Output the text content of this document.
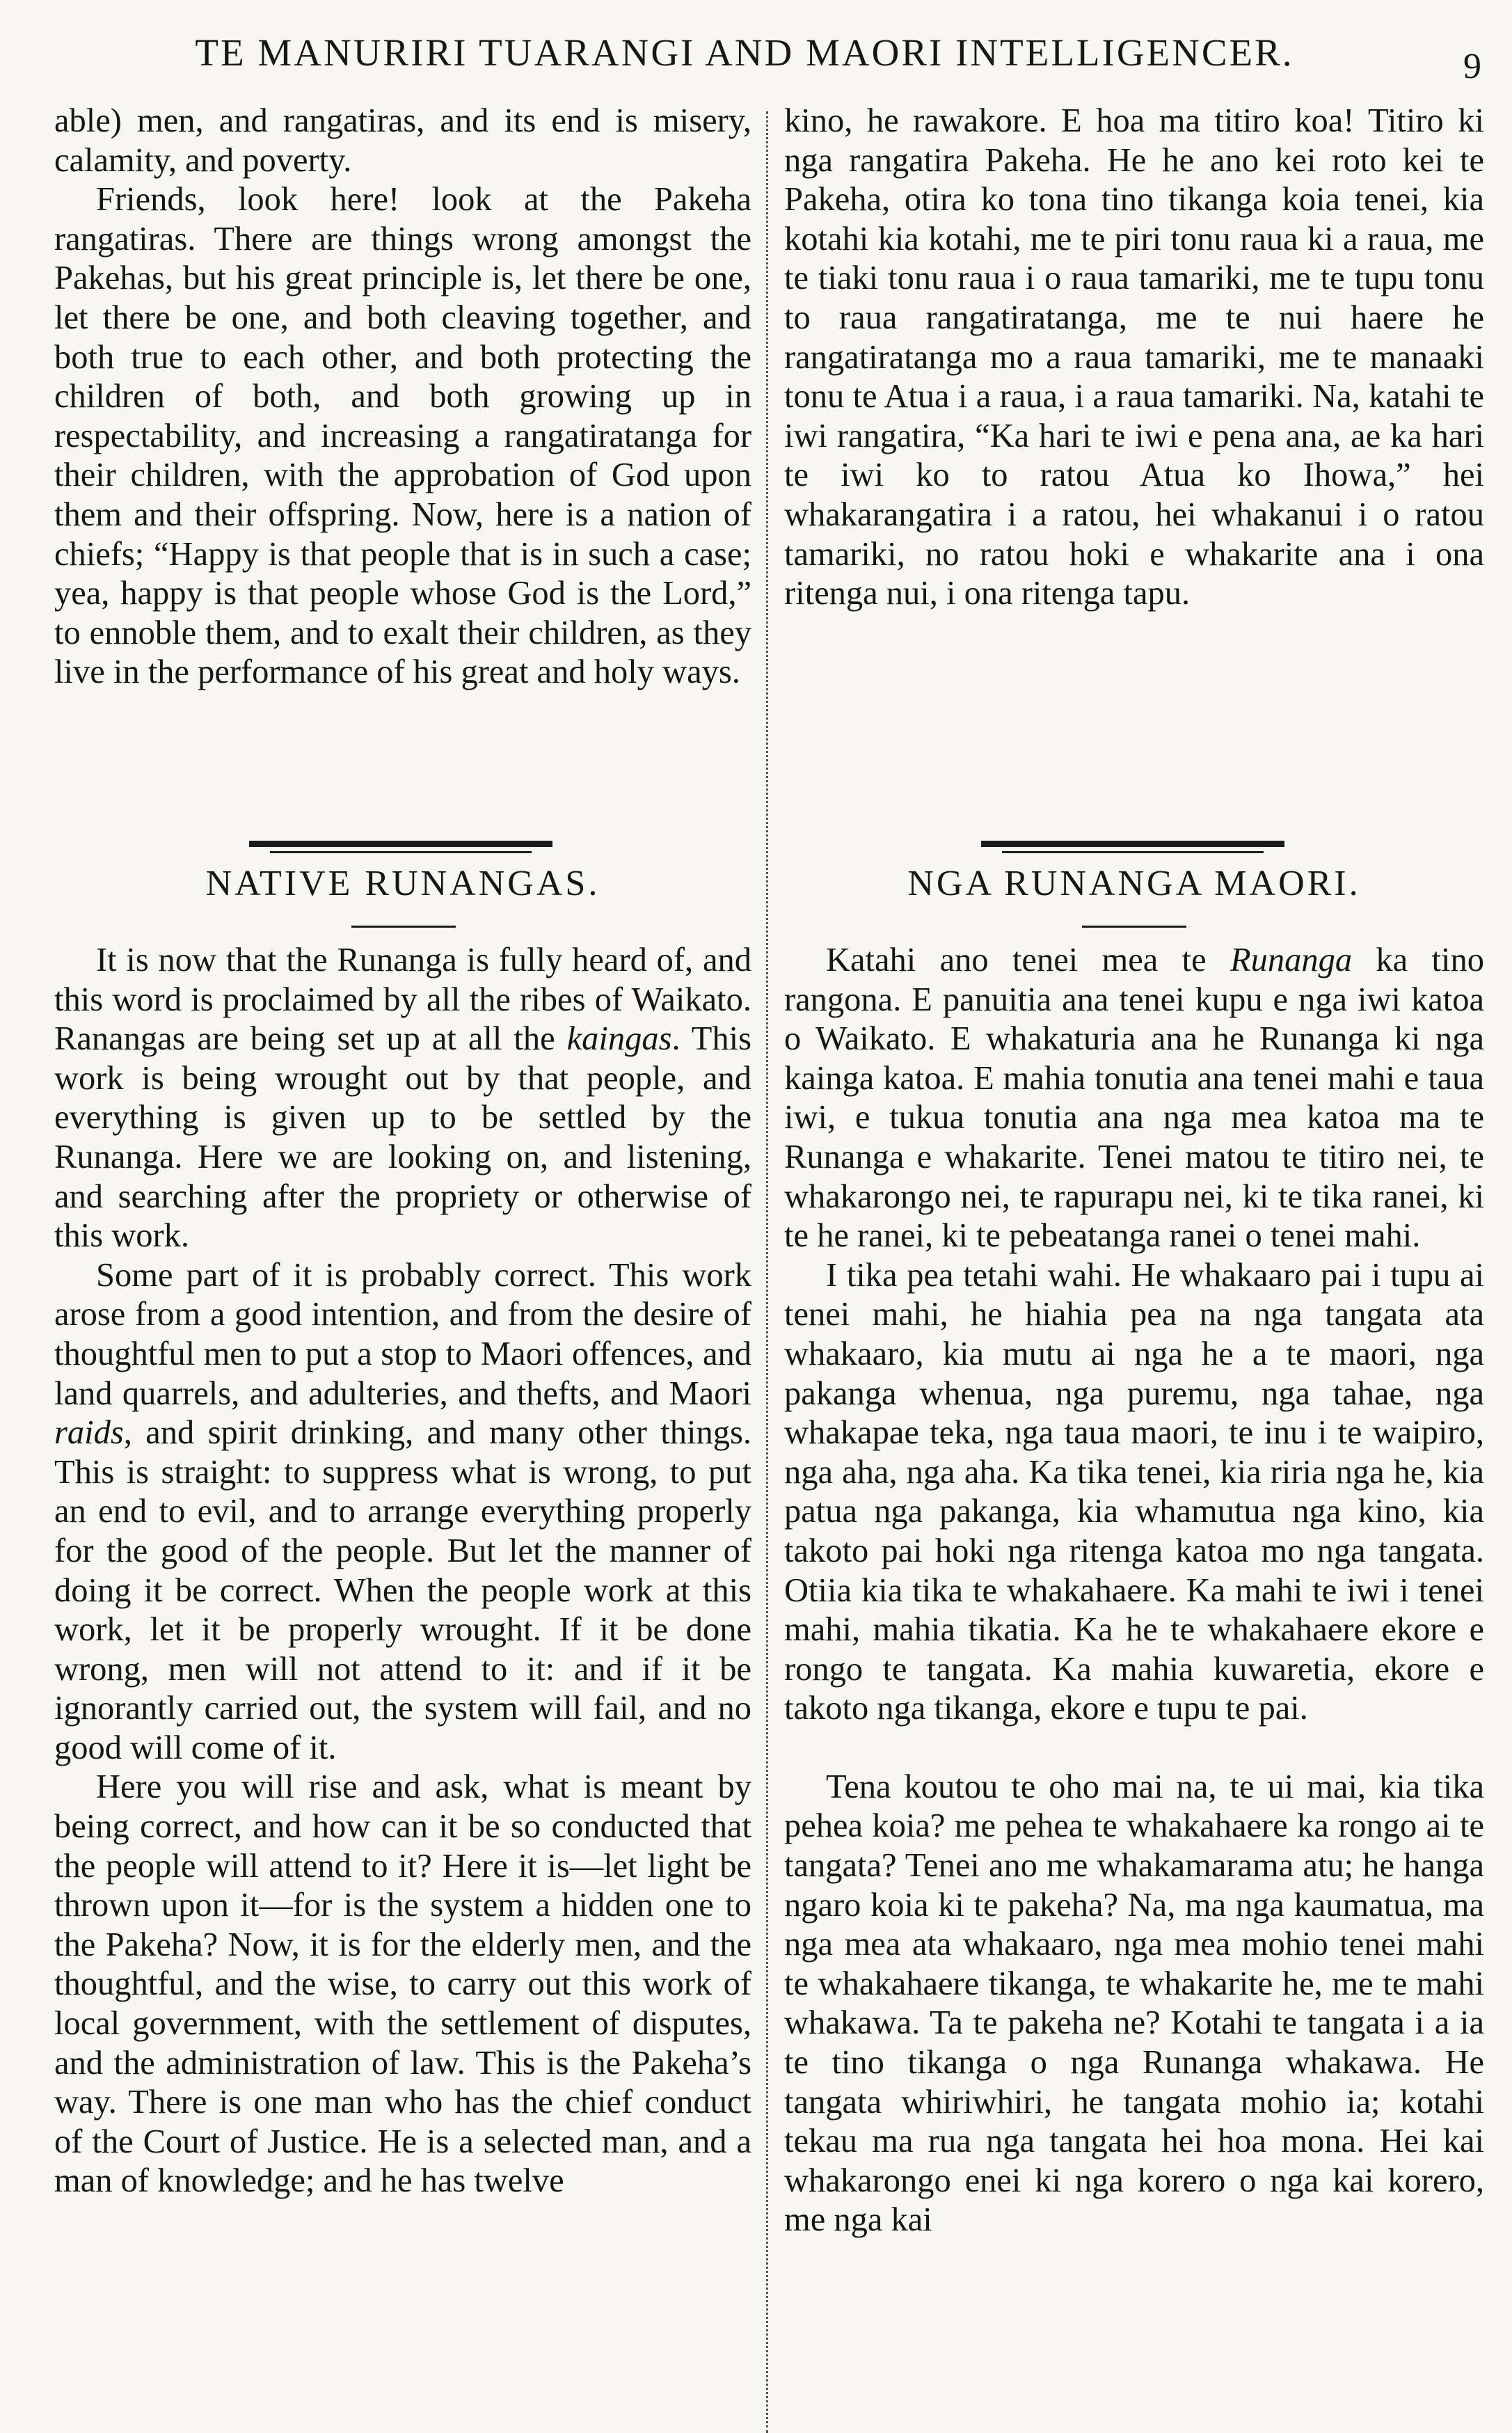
TE MANURIRI TUARANGI AND MAORI INTELLIGENCER.	9

able) men, and rangatiras, and its end is misery, calamity, and poverty.

Friends, look here! look at the Pakeha rangatiras. There are things wrong amongst the Pakehas, but his great principle is, let there be one, let there be one, and both cleaving together, and both true to each other, and both protecting the children of both, and both growing up in respectability, and increasing a rangatiratanga for their children, with the approbation of God upon them and their offspring. Now, here is a nation of chiefs; “Happy is that people that is in such a case; yea, happy is that people whose God is the Lord,” to ennoble them, and to exalt their children, as they live in the performance of his great and holy ways.

NATIVE RUNANGAS.

It is now that the Runanga is fully heard of, and this word is proclaimed by all the ribes of Waikato. Ranangas are being set up at all the kaingas. This work is being wrought out by that people, and everything is given up to be settled by the Runanga. Here we are looking on, and listening, and searching after the propriety or otherwise of this work.

Some part of it is probably correct. This work arose from a good intention, and from the desire of thoughtful men to put a stop to Maori offences, and land quarrels, and adulteries, and thefts, and Maori raids, and spirit drinking, and many other things. This is straight: to suppress what is wrong, to put an end to evil, and to arrange everything properly for the good of the people. But let the manner of doing it be correct. When the people work at this work, let it be properly wrought. If it be done wrong, men will not attend to it: and if it be ignorantly carried out, the system will fail, and no good will come of it.

Here you will rise and ask, what is meant by being correct, and how can it be so conducted that the people will attend to it? Here it is—let light be thrown upon it—for is the system a hidden one to the Pakeha? Now, it is for the elderly men, and the thoughtful, and the wise, to carry out this work of local government, with the settlement of disputes, and the administration of law. This is the Pakeha’s way. There is one man who has the chief conduct of the Court of Justice. He is a selected man, and a man of knowledge; and he has twelve

kino, he rawakore. E hoa ma titiro koa! Titiro ki nga rangatira Pakeha. He he ano kei roto kei te Pakeha, otira ko tona tino tikanga koia tenei, kia kotahi kia kotahi, me te piri tonu raua ki a raua, me te tiaki tonu raua i o raua tamariki, me te tupu tonu to raua rangatiratanga, me te nui haere he rangatiratanga mo a raua tamariki, me te manaaki tonu te Atua i a raua, i a raua tamariki. Na, katahi te iwi rangatira, “Ka hari te iwi e pena ana, ae ka hari te iwi ko to ratou Atua ko Ihowa,” hei whakarangatira i a ratou, hei whakanui i o ratou tamariki, no ratou hoki e whakarite ana i ona ritenga nui, i ona ritenga tapu.

NGA RUNANGA MAORI.

Katahi ano tenei mea te Runanga ka tino rangona. E panuitia ana tenei kupu e nga iwi katoa o Waikato. E whakaturia ana he Runanga ki nga kainga katoa. E mahia tonutia ana tenei mahi e taua iwi, e tukua tonutia ana nga mea katoa ma te Runanga e whakarite. Tenei matou te titiro nei, te whakarongo nei, te rapurapu nei, ki te tika ranei, ki te he ranei, ki te pebeatanga ranei o tenei mahi.

I tika pea tetahi wahi. He whakaaro pai i tupu ai tenei mahi, he hiahia pea na nga tangata ata whakaaro, kia mutu ai nga he a te maori, nga pakanga whenua, nga puremu, nga tahae, nga whakapae teka, nga taua maori, te inu i te waipiro, nga aha, nga aha. Ka tika tenei, kia riria nga he, kia patua nga pakanga, kia whamutua nga kino, kia takoto pai hoki nga ritenga katoa mo nga tangata. Otiia kia tika te whakahaere. Ka mahi te iwi i tenei mahi, mahia tikatia. Ka he te whakahaere ekore e rongo te tangata. Ka mahia kuwaretia, ekore e takoto nga tikanga, ekore e tupu te pai.

Tena koutou te oho mai na, te ui mai, kia tika pehea koia? me pehea te whakahaere ka rongo ai te tangata? Tenei ano me whakamarama atu; he hanga ngaro koia ki te pakeha? Na, ma nga kaumatua, ma nga mea ata whakaaro, nga mea mohio tenei mahi te whakahaere tikanga, te whakarite he, me te mahi whakawa. Ta te pakeha ne? Kotahi te tangata i a ia te tino tikanga o nga Runanga whakawa. He tangata whiriwhiri, he tangata mohio ia; kotahi tekau ma rua nga tangata hei hoa mona. Hei kai whakarongo enei ki nga korero o nga kai korero, me nga kai
